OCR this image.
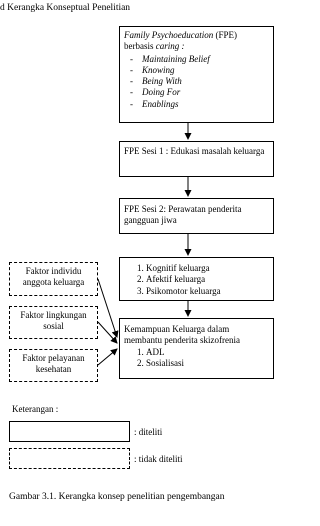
d Kerangka Konseptual Penelitian
Family Psychoeducation (FPE)
berbasis caring :
- Maintaining Belief
- Knowing
- Being With
- Doing For
- Enablings
FPE Sesi 1 : Edukasi masalah keluarga
FPE Sesi 2: Perawatan penderita gangguan jiwa
1. Kognitif keluarga
2. Afektif keluarga
3. Psikomotor keluarga
Kemampuan Keluarga dalam membantu penderita skizofrenia
1. ADL
2. Sosialisasi
Faktor individu anggota keluarga
Faktor lingkungan sosial
Faktor pelayanan kesehatan
Keterangan :
: diteliti
: tidak diteliti
Gambar 3.1. Kerangka konsep penelitian pengembangan
